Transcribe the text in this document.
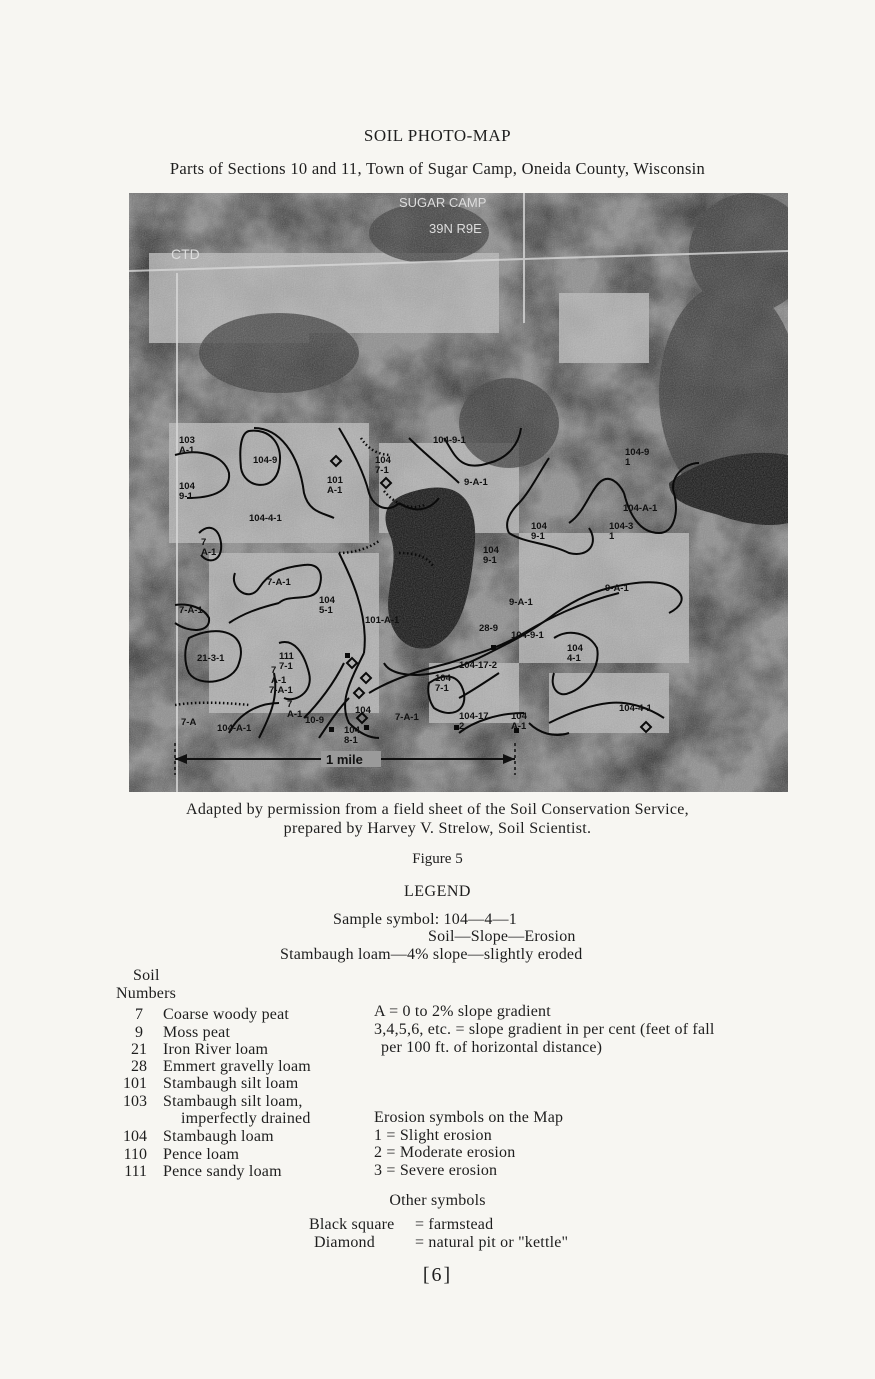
SOIL PHOTO-MAP
Parts of Sections 10 and 11, Town of Sugar Camp, Oneida County, Wisconsin
SUGAR CAMP
39N R9E
CTD
103 A-1
104-9
101 A-1
104 7-1
104-9-1
104-9 1
104 9-1
104-4-1
9-A-1
104 9-1
104-A-1
104-3 1
7 A-1	104 9-1
7-A-1
104 5-1
101-A-1
9-A-1
28-9
9-A-1
7-A-1
104-9-1
104 4-1
21-3-1	111 7-1
7 A-1
104-17-2
104 7-1
7 A-1	104
7-A-1
104-A-1
10-9
104 8-1
7-A-1
104-17 2
104 A-1
104-4-1
7-A
1 mile
Adapted by permission from a field sheet of the Soil Conservation Service,
prepared by Harvey V. Strelow, Soil Scientist.
Figure 5
LEGEND
Sample symbol: 104—4—1
Soil—Slope—Erosion
Stambaugh loam—4% slope—slightly eroded
Soil
Numbers
7 Coarse woody peat
9 Moss peat
21 Iron River loam
28 Emmert gravelly loam
101 Stambaugh silt loam
103 Stambaugh silt loam,
imperfectly drained
104 Stambaugh loam
110 Pence loam
111 Pence sandy loam
A = 0 to 2% slope gradient
3,4,5,6, etc. = slope gradient in per cent (feet of fall
per 100 ft. of horizontal distance)
Erosion symbols on the Map
1 = Slight erosion
2 = Moderate erosion
3 = Severe erosion
Other symbols
Black square = farmstead
Diamond	= natural pit or "kettle"
[6]
